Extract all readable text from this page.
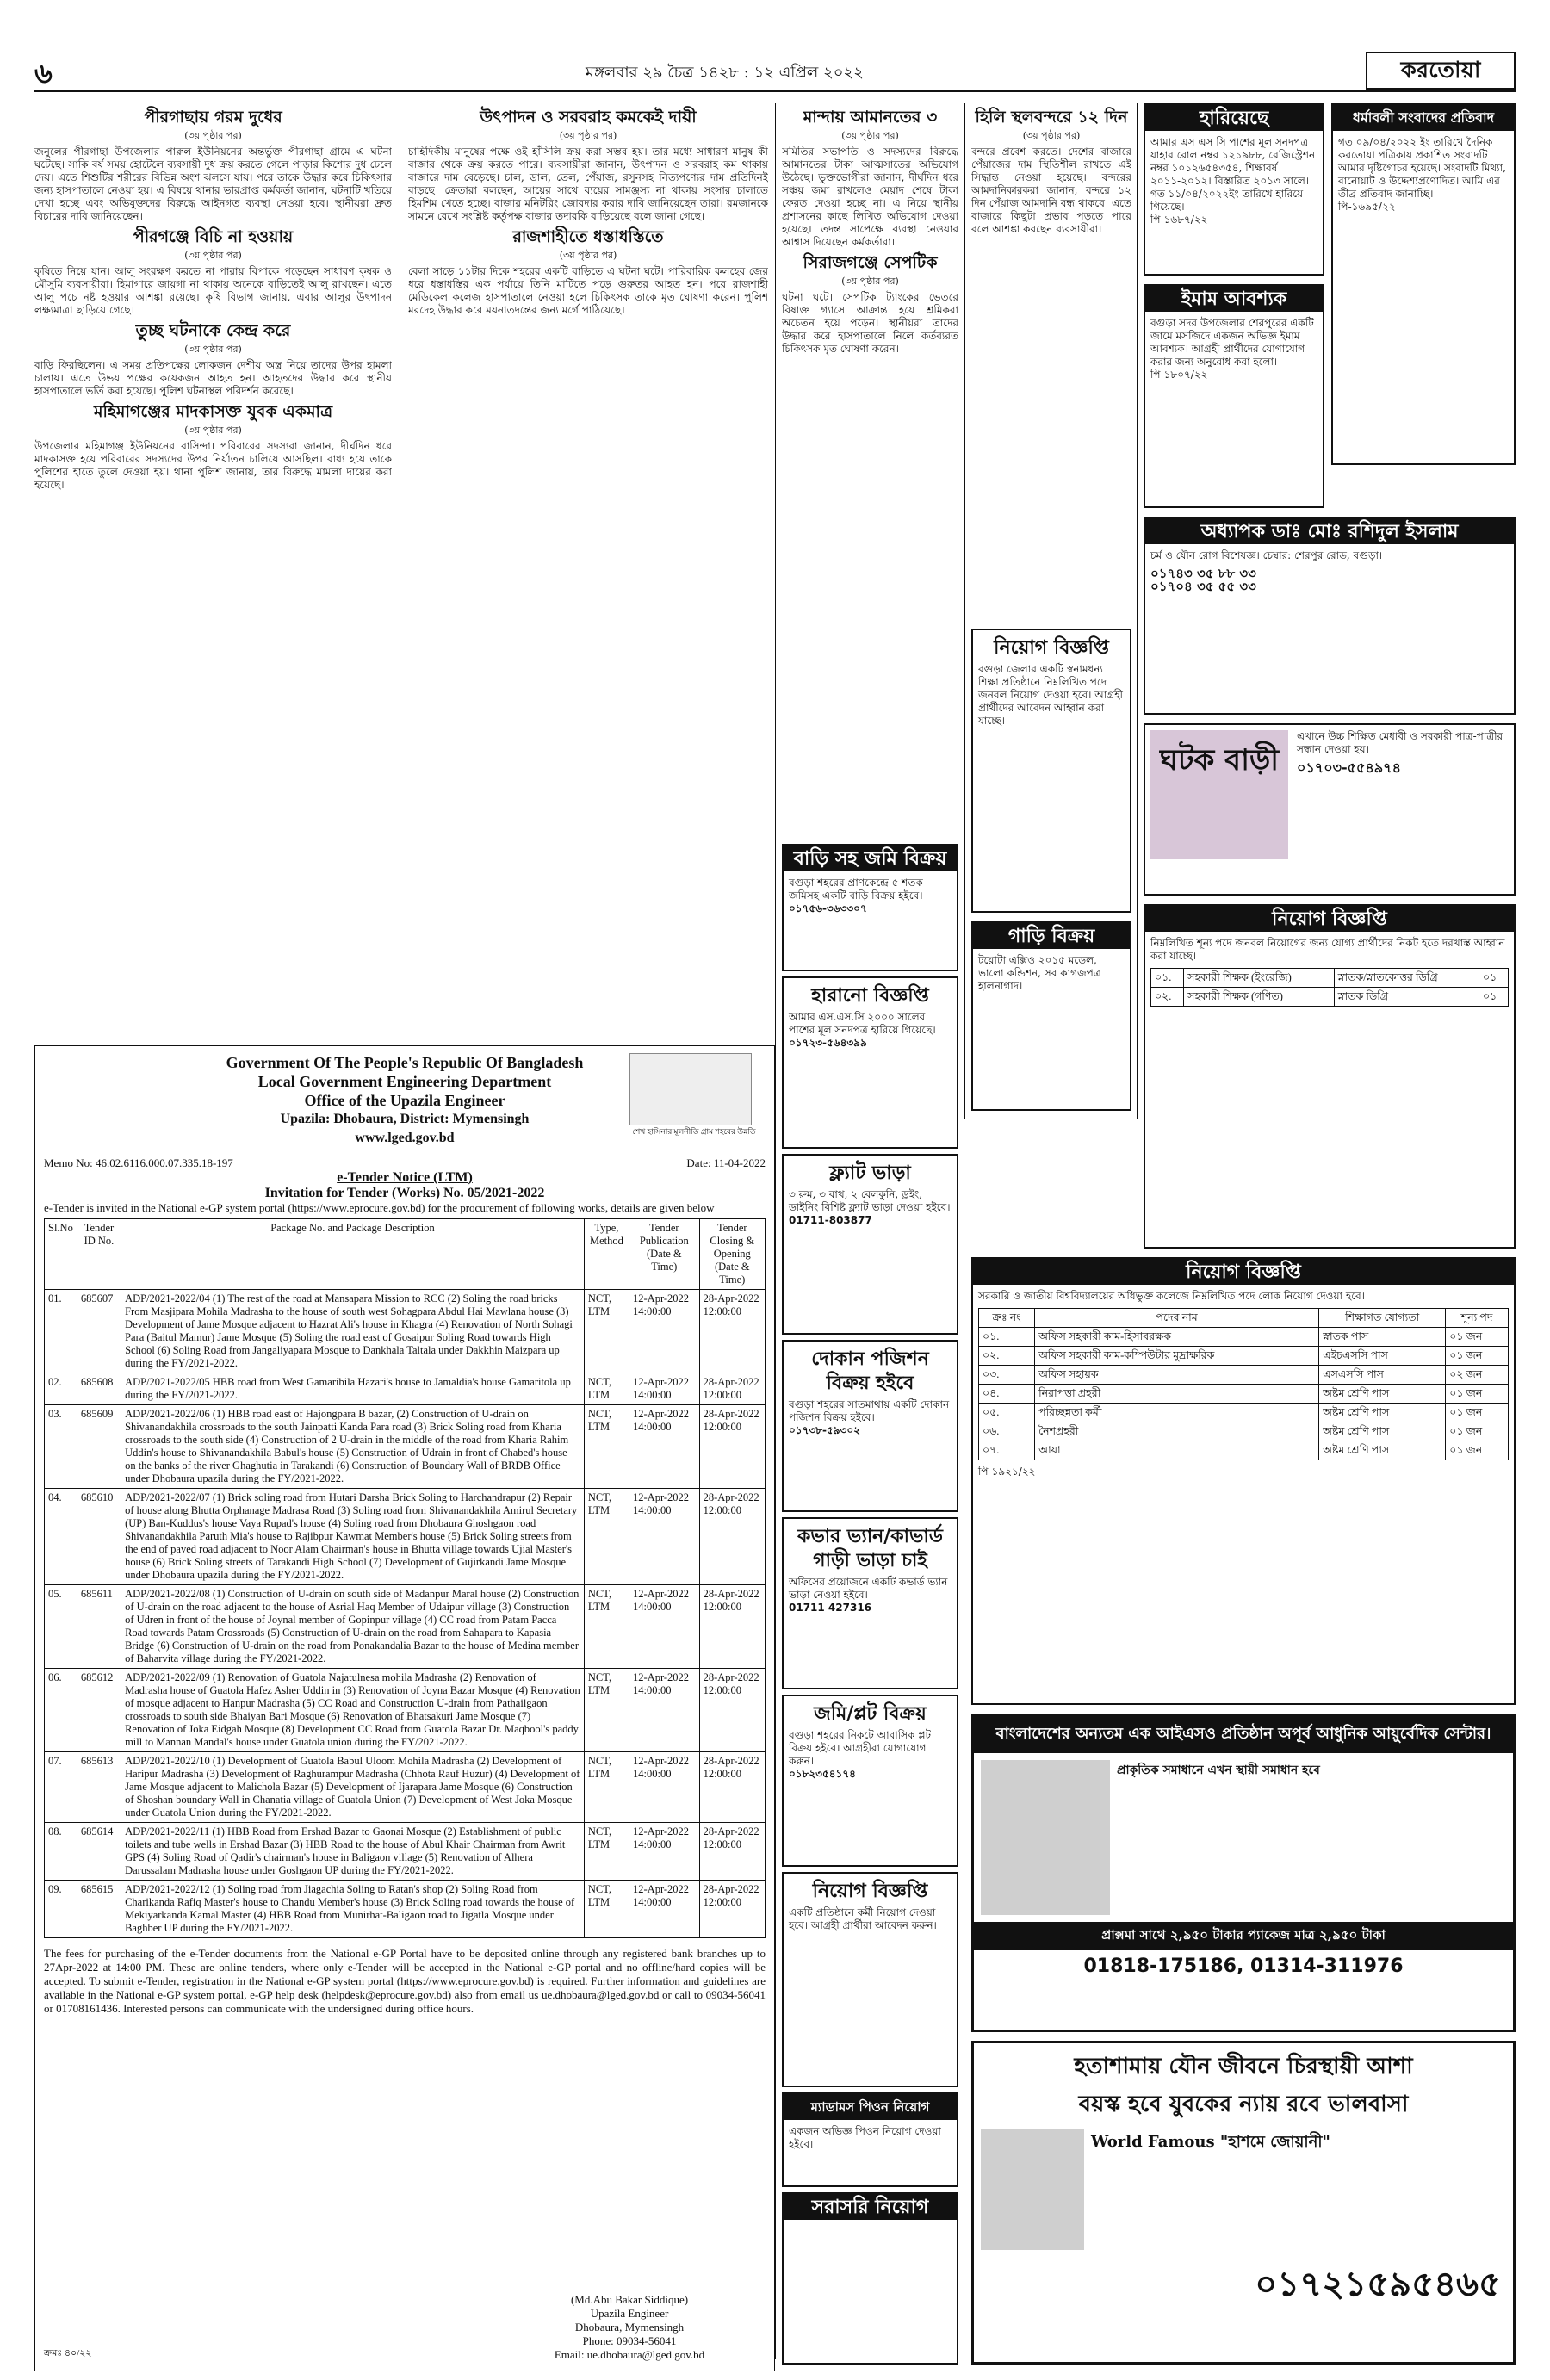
৬	মঙ্গলবার ২৯ চৈত্র ১৪২৮ : ১২ এপ্রিল ২০২২	করতোয়া
পীরগাছায় গরম দুধের
(৩য় পৃষ্ঠার পর)
জনুলের পীরগাছা উপজেলার পারুল ইউনিয়নের অন্তর্ভুক্ত পীরগাছা গ্রামে এ ঘটনা ঘটেছে। সাকি বর্ষ সময় হোটেলে ব্যবসায়ী দুধ ক্রয় করতে গেলে পাড়ার কিশোর দুধ ঢেলে দেয়। এতে শিশুটির শরীরের বিভিন্ন অংশ ঝলসে যায়। পরে তাকে উদ্ধার করে চিকিৎসার জন্য হাসপাতালে নেওয়া হয়। এ বিষয়ে থানার ভারপ্রাপ্ত কর্মকর্তা জানান, ঘটনাটি খতিয়ে দেখা হচ্ছে এবং অভিযুক্তদের বিরুদ্ধে আইনগত ব্যবস্থা নেওয়া হবে। স্থানীয়রা দ্রুত বিচারের দাবি জানিয়েছেন।
পীরগঞ্জে বিচি না হওয়ায়
(৩য় পৃষ্ঠার পর)
কৃষিতে নিয়ে যান। আলু সংরক্ষণ করতে না পারায় বিপাকে পড়েছেন সাধারণ কৃষক ও মৌসুমি ব্যবসায়ীরা। হিমাগারে জায়গা না থাকায় অনেকে বাড়িতেই আলু রাখছেন। এতে আলু পচে নষ্ট হওয়ার আশঙ্কা রয়েছে। কৃষি বিভাগ জানায়, এবার আলুর উৎপাদন লক্ষ্যমাত্রা ছাড়িয়ে গেছে।
তুচ্ছ ঘটনাকে কেন্দ্র করে
(৩য় পৃষ্ঠার পর)
বাড়ি ফিরছিলেন। এ সময় প্রতিপক্ষের লোকজন দেশীয় অস্ত্র নিয়ে তাদের উপর হামলা চালায়। এতে উভয় পক্ষের কয়েকজন আহত হন। আহতদের উদ্ধার করে স্থানীয় হাসপাতালে ভর্তি করা হয়েছে। পুলিশ ঘটনাস্থল পরিদর্শন করেছে।
মহিমাগঞ্জের মাদকাসক্ত যুবক একমাত্র
(৩য় পৃষ্ঠার পর)
উপজেলার মহিমাগঞ্জ ইউনিয়নের বাসিন্দা। পরিবারের সদস্যরা জানান, দীর্ঘদিন ধরে মাদকাসক্ত হয়ে পরিবারের সদস্যদের উপর নির্যাতন চালিয়ে আসছিল। বাধ্য হয়ে তাকে পুলিশের হাতে তুলে দেওয়া হয়। থানা পুলিশ জানায়, তার বিরুদ্ধে মামলা দায়ের করা হয়েছে।
উৎপাদন ও সরবরাহ কমকেই দায়ী
(৩য় পৃষ্ঠার পর)
চাহিদিকীয় মানুষের পক্ষে ওই হাঁসিলি ক্রয় করা সম্ভব হয়। তার মধ্যে সাধারণ মানুষ কী বাজার থেকে ক্রয় করতে পারে। ব্যবসায়ীরা জানান, উৎপাদন ও সরবরাহ কম থাকায় বাজারে দাম বেড়েছে। চাল, ডাল, তেল, পেঁয়াজ, রসুনসহ নিত্যপণ্যের দাম প্রতিদিনই বাড়ছে। ক্রেতারা বলছেন, আয়ের সাথে ব্যয়ের সামঞ্জস্য না থাকায় সংসার চালাতে হিমশিম খেতে হচ্ছে। বাজার মনিটরিং জোরদার করার দাবি জানিয়েছেন তারা। রমজানকে সামনে রেখে সংশ্লিষ্ট কর্তৃপক্ষ বাজার তদারকি বাড়িয়েছে বলে জানা গেছে।
রাজশাহীতে ধস্তাধস্তিতে
(৩য় পৃষ্ঠার পর)
বেলা সাড়ে ১১টার দিকে শহরের একটি বাড়িতে এ ঘটনা ঘটে। পারিবারিক কলহের জের ধরে ধস্তাধস্তির এক পর্যায়ে তিনি মাটিতে পড়ে গুরুতর আহত হন। পরে রাজশাহী মেডিকেল কলেজ হাসপাতালে নেওয়া হলে চিকিৎসক তাকে মৃত ঘোষণা করেন। পুলিশ মরদেহ উদ্ধার করে ময়নাতদন্তের জন্য মর্গে পাঠিয়েছে।
মান্দায় আমানতের ৩
(৩য় পৃষ্ঠার পর)
সমিতির সভাপতি ও সদস্যদের বিরুদ্ধে আমানতের টাকা আত্মসাতের অভিযোগ উঠেছে। ভুক্তভোগীরা জানান, দীর্ঘদিন ধরে সঞ্চয় জমা রাখলেও মেয়াদ শেষে টাকা ফেরত দেওয়া হচ্ছে না। এ নিয়ে স্থানীয় প্রশাসনের কাছে লিখিত অভিযোগ দেওয়া হয়েছে। তদন্ত সাপেক্ষে ব্যবস্থা নেওয়ার আশ্বাস দিয়েছেন কর্মকর্তারা।
সিরাজগঞ্জে সেপটিক
(৩য় পৃষ্ঠার পর)
ঘটনা ঘটে। সেপটিক ট্যাংকের ভেতরে বিষাক্ত গ্যাসে আক্রান্ত হয়ে শ্রমিকরা অচেতন হয়ে পড়েন। স্থানীয়রা তাদের উদ্ধার করে হাসপাতালে নিলে কর্তব্যরত চিকিৎসক মৃত ঘোষণা করেন।
হিলি স্থলবন্দরে ১২ দিন
(৩য় পৃষ্ঠার পর)
বন্দরে প্রবেশ করতে। দেশের বাজারে পেঁয়াজের দাম স্থিতিশীল রাখতে এই সিদ্ধান্ত নেওয়া হয়েছে। বন্দরের আমদানিকারকরা জানান, বন্দরে ১২ দিন পেঁয়াজ আমদানি বন্ধ থাকবে। এতে বাজারে কিছুটা প্রভাব পড়তে পারে বলে আশঙ্কা করছেন ব্যবসায়ীরা।
Government Of The People's Republic Of Bangladesh
Local Government Engineering Department
Office of the Upazila Engineer
Upazila: Dhobaura, District: Mymensingh
www.lged.gov.bd	শেখ হাসিনার মূলনীতি গ্রাম শহরের উন্নতি
Memo No: 46.02.6116.000.07.335.18-197	Date: 11-04-2022
e-Tender Notice (LTM)
Invitation for Tender (Works) No. 05/2021-2022
e-Tender is invited in the National e-GP system portal (https://www.eprocure.gov.bd) for the procurement of following works, details are given below
Sl.No	Tender ID No.	Package No. and Package Description	Type, Method	Tender Publication (Date & Time)	Tender Closing & Opening (Date & Time)
01.	685607	ADP/2021-2022/04 (1) The rest of the road at Mansapara Mission to RCC (2) Soling the road bricks From Masjipara Mohila Madrasha to the house of south west Sohagpara Abdul Hai Mawlana house (3) Development of Jame Mosque adjacent to Hazrat Ali's house in Khagra (4) Renovation of North Sohagi Para (Baitul Mamur) Jame Mosque (5) Soling the road east of Gosaipur Soling Road towards High School (6) Soling Road from Jangaliyapara Mosque to Dankhala Taltala under Dakkhin Maizpara up during the FY/2021-2022.	NCT, LTM	12-Apr-2022 14:00:00	28-Apr-2022 12:00:00
02.	685608	ADP/2021-2022/05 HBB road from West Gamaribila Hazari's house to Jamaldia's house Gamaritola up during the FY/2021-2022.	NCT, LTM	12-Apr-2022 14:00:00	28-Apr-2022 12:00:00
03.	685609	ADP/2021-2022/06 (1) HBB road east of Hajongpara B bazar, (2) Construction of U-drain on Shivanandakhila crossroads to the south Jainpatti Kanda Para road (3) Brick Soling road from Kharia crossroads to the south side (4) Construction of 2 U-drain in the middle of the road from Kharia Rahim Uddin's house to Shivanandakhila Babul's house (5) Construction of Udrain in front of Chabed's house on the banks of the river Ghaghutia in Tarakandi (6) Construction of Boundary Wall of BRDB Office under Dhobaura upazila during the FY/2021-2022.	NCT, LTM	12-Apr-2022 14:00:00	28-Apr-2022 12:00:00
04.	685610	ADP/2021-2022/07 (1) Brick soling road from Hutari Darsha Brick Soling to Harchandrapur (2) Repair of house along Bhutta Orphanage Madrasa Road (3) Soling road from Shivanandakhila Amirul Secretary (UP) Ban-Kuddus's house Vaya Rupad's house (4) Soling road from Dhobaura Ghoshgaon road Shivanandakhila Paruth Mia's house to Rajibpur Kawmat Member's house (5) Brick Soling streets from the end of paved road adjacent to Noor Alam Chairman's house in Bhutta village towards Ujial Master's house (6) Brick Soling streets of Tarakandi High School (7) Development of Gujirkandi Jame Mosque under Dhobaura upazila during the FY/2021-2022.	NCT, LTM	12-Apr-2022 14:00:00	28-Apr-2022 12:00:00
05.	685611	ADP/2021-2022/08 (1) Construction of U-drain on south side of Madanpur Maral house (2) Construction of U-drain on the road adjacent to the house of Asrial Haq Member of Udaipur village (3) Construction of Udren in front of the house of Joynal member of Gopinpur village (4) CC road from Patam Pacca Road towards Patam Crossroads (5) Construction of U-drain on the road from Sahapara to Kapasia Bridge (6) Construction of U-drain on the road from Ponakandalia Bazar to the house of Medina member of Baharvita village during the FY/2021-2022.	NCT, LTM	12-Apr-2022 14:00:00	28-Apr-2022 12:00:00
06.	685612	ADP/2021-2022/09 (1) Renovation of Guatola Najatulnesa mohila Madrasha (2) Renovation of Madrasha house of Guatola Hafez Asher Uddin in (3) Renovation of Joyna Bazar Mosque (4) Renovation of mosque adjacent to Hanpur Madrasha (5) CC Road and Construction U-drain from Pathailgaon crossroads to south side Bhaiyan Bari Mosque (6) Renovation of Bhatsakuri Jame Mosque (7) Renovation of Joka Eidgah Mosque (8) Development CC Road from Guatola Bazar Dr. Maqbool's paddy mill to Mannan Mandal's house under Guatola union during the FY/2021-2022.	NCT, LTM	12-Apr-2022 14:00:00	28-Apr-2022 12:00:00
07.	685613	ADP/2021-2022/10 (1) Development of Guatola Babul Uloom Mohila Madrasha (2) Development of Haripur Madrasha (3) Development of Raghurampur Madrasha (Chhota Rauf Huzur) (4) Development of Jame Mosque adjacent to Malichola Bazar (5) Development of Ijarapara Jame Mosque (6) Construction of Shoshan boundary Wall in Chanatia village of Guatola Union (7) Development of West Joka Mosque under Guatola Union during the FY/2021-2022.	NCT, LTM	12-Apr-2022 14:00:00	28-Apr-2022 12:00:00
08.	685614	ADP/2021-2022/11 (1) HBB Road from Ershad Bazar to Gaonai Mosque (2) Establishment of public toilets and tube wells in Ershad Bazar (3) HBB Road to the house of Abul Khair Chairman from Awrit GPS (4) Soling Road of Qadir's chairman's house in Baligaon village (5) Renovation of Alhera Darussalam Madrasha house under Goshgaon UP during the FY/2021-2022.	NCT, LTM	12-Apr-2022 14:00:00	28-Apr-2022 12:00:00
09.	685615	ADP/2021-2022/12 (1) Soling road from Jiagachia Soling to Ratan's shop (2) Soling Road from Charikanda Rafiq Master's house to Chandu Member's house (3) Brick Soling road towards the house of Mekiyarkanda Kamal Master (4) HBB Road from Munirhat-Baligaon road to Jigatla Mosque under Baghber UP during the FY/2021-2022.	NCT, LTM	12-Apr-2022 14:00:00	28-Apr-2022 12:00:00
The fees for purchasing of the e-Tender documents from the National e-GP Portal have to be deposited online through any registered bank branches up to 27Apr-2022 at 14:00 PM. These are online tenders, where only e-Tender will be accepted in the National e-GP portal and no offline/hard copies will be accepted. To submit e-Tender, registration in the National e-GP system portal (https://www.eprocure.gov.bd) is required. Further information and guidelines are available in the National e-GP system portal, e-GP help desk (helpdesk@eprocure.gov.bd) also from email us ue.dhobaura@lged.gov.bd or call to 09034-56041 or 01708161436. Interested persons can communicate with the undersigned during office hours.
(Md.Abu Bakar Siddique)
Upazila Engineer
Dhobaura, Mymensingh
Phone: 09034-56041
Email: ue.dhobaura@lged.gov.bd
ক্রমঃ ৪০/২২
বাড়ি সহ জমি বিক্রয়
বগুড়া শহরের প্রাণকেন্দ্রে ৫ শতক জমিসহ একটি বাড়ি বিক্রয় হইবে।
০১৭৫৬-৩৬৩৩০৭
হারানো বিজ্ঞপ্তি
আমার এস.এস.সি ২০০০ সালের পাশের মূল সনদপত্র হারিয়ে গিয়েছে।
০১৭২৩-৫৬৪৩৯৯
ফ্ল্যাট ভাড়া
৩ রুম, ৩ বাথ, ২ বেলকুনি, ড্রইং, ডাইনিং বিশিষ্ট ফ্ল্যাট ভাড়া দেওয়া হইবে।
01711-803877
দোকান পজিশন বিক্রয় হইবে
বগুড়া শহরের সাতমাথায় একটি দোকান পজিশন বিক্রয় হইবে।
০১৭৩৮-৫৯৩০২
কভার ভ্যান/কাভার্ড গাড়ী ভাড়া চাই
অফিসের প্রয়োজনে একটি কভার্ড ভ্যান ভাড়া নেওয়া হইবে।
01711 427316
জমি/প্লট বিক্রয়
বগুড়া শহরের নিকটে আবাসিক প্লট বিক্রয় হইবে। আগ্রহীরা যোগাযোগ করুন।
০১৮২৩৫৪১৭৪
নিয়োগ বিজ্ঞপ্তি
একটি প্রতিষ্ঠানে কর্মী নিয়োগ দেওয়া হবে। আগ্রহী প্রার্থীরা আবেদন করুন।
ম্যাডামস পিওন নিয়োগ
একজন অভিজ্ঞ পিওন নিয়োগ দেওয়া হইবে।
সরাসরি নিয়োগ
নিয়োগ বিজ্ঞপ্তি
বগুড়া জেলার একটি স্বনামধন্য শিক্ষা প্রতিষ্ঠানে নিম্নলিখিত পদে জনবল নিয়োগ দেওয়া হবে। আগ্রহী প্রার্থীদের আবেদন আহ্বান করা যাচ্ছে।
গাড়ি বিক্রয়
টয়োটা এক্সিও ২০১৫ মডেল, ভালো কন্ডিশন, সব কাগজপত্র হালনাগাদ।
হারিয়েছে
আমার এস এস সি পাশের মূল সনদপত্র যাহার রোল নম্বর ১২১৯৮৮, রেজিস্ট্রেশন নম্বর ১০১২৬৫৪৩৫৪, শিক্ষাবর্ষ ২০১১-২০১২। বিস্তারিত ২০১৩ সালে। গত ১১/০৪/২০২২ইং তারিখে হারিয়ে গিয়েছে।
পি-১৬৮৭/২২
ধর্মাবলী সংবাদের প্রতিবাদ
গত ০৯/০৪/২০২২ ইং তারিখে দৈনিক করতোয়া পত্রিকায় প্রকাশিত সংবাদটি আমার দৃষ্টিগোচর হয়েছে। সংবাদটি মিথ্যা, বানোয়াট ও উদ্দেশ্যপ্রণোদিত। আমি এর তীব্র প্রতিবাদ জানাচ্ছি।
পি-১৬৯৫/২২
ইমাম আবশ্যক
বগুড়া সদর উপজেলার শেরপুরের একটি জামে মসজিদে একজন অভিজ্ঞ ইমাম আবশ্যক। আগ্রহী প্রার্থীদের যোগাযোগ করার জন্য অনুরোধ করা হলো।
পি-১৮০৭/২২
অধ্যাপক ডাঃ মোঃ রশিদুল ইসলাম
চর্ম ও যৌন রোগ বিশেষজ্ঞ। চেম্বার: শেরপুর রোড, বগুড়া।
০১৭৪৩ ৩৫ ৮৮ ৩৩
০১৭০৪ ৩৫ ৫৫ ৩৩
ঘটক বাড়ী
এখানে উচ্চ শিক্ষিত মেধাবী ও সরকারী পাত্র-পাত্রীর সন্ধান দেওয়া হয়।
০১৭০৩-৫৫৪৯৭৪
নিয়োগ বিজ্ঞপ্তি
নিম্নলিখিত শূন্য পদে জনবল নিয়োগের জন্য যোগ্য প্রার্থীদের নিকট হতে দরখাস্ত আহ্বান করা যাচ্ছে।
০১.	সহকারী শিক্ষক (ইংরেজি)	স্নাতক/স্নাতকোত্তর ডিগ্রি	০১
০২.	সহকারী শিক্ষক (গণিত)	স্নাতক ডিগ্রি	০১
নিয়োগ বিজ্ঞপ্তি
সরকারি ও জাতীয় বিশ্ববিদ্যালয়ের অধিভুক্ত কলেজে নিম্নলিখিত পদে লোক নিয়োগ দেওয়া হবে।
ক্রঃ নং	পদের নাম	শিক্ষাগত যোগ্যতা	শূন্য পদ
০১.	অফিস সহকারী কাম-হিসাবরক্ষক	স্নাতক পাস	০১ জন
০২.	অফিস সহকারী কাম-কম্পিউটার মুদ্রাক্ষরিক	এইচএসসি পাস	০১ জন
০৩.	অফিস সহায়ক	এসএসসি পাস	০২ জন
০৪.	নিরাপত্তা প্রহরী	অষ্টম শ্রেণি পাস	০১ জন
০৫.	পরিচ্ছন্নতা কর্মী	অষ্টম শ্রেণি পাস	০১ জন
০৬.	নৈশপ্রহরী	অষ্টম শ্রেণি পাস	০১ জন
০৭.	আয়া	অষ্টম শ্রেণি পাস	০১ জন
পি-১৯২১/২২
বাংলাদেশের অন্যতম এক আইএসও প্রতিষ্ঠান অপূর্ব আধুনিক আয়ুর্বেদিক সেন্টার।
প্রাকৃতিক সমাধানে এখন স্থায়ী সমাধান হবে
প্রাক্সমা সাথে ২,৯৫০ টাকার প্যাকেজ মাত্র ২,৯৫০ টাকা
01818-175186, 01314-311976
হতাশামায় যৌন জীবনে চিরস্থায়ী আশা
বয়স্ক হবে যুবকের ন্যায় রবে ভালবাসা
World Famous "হাশমে জোয়ানী"
০১৭২১৫৯৫৪৬৫
